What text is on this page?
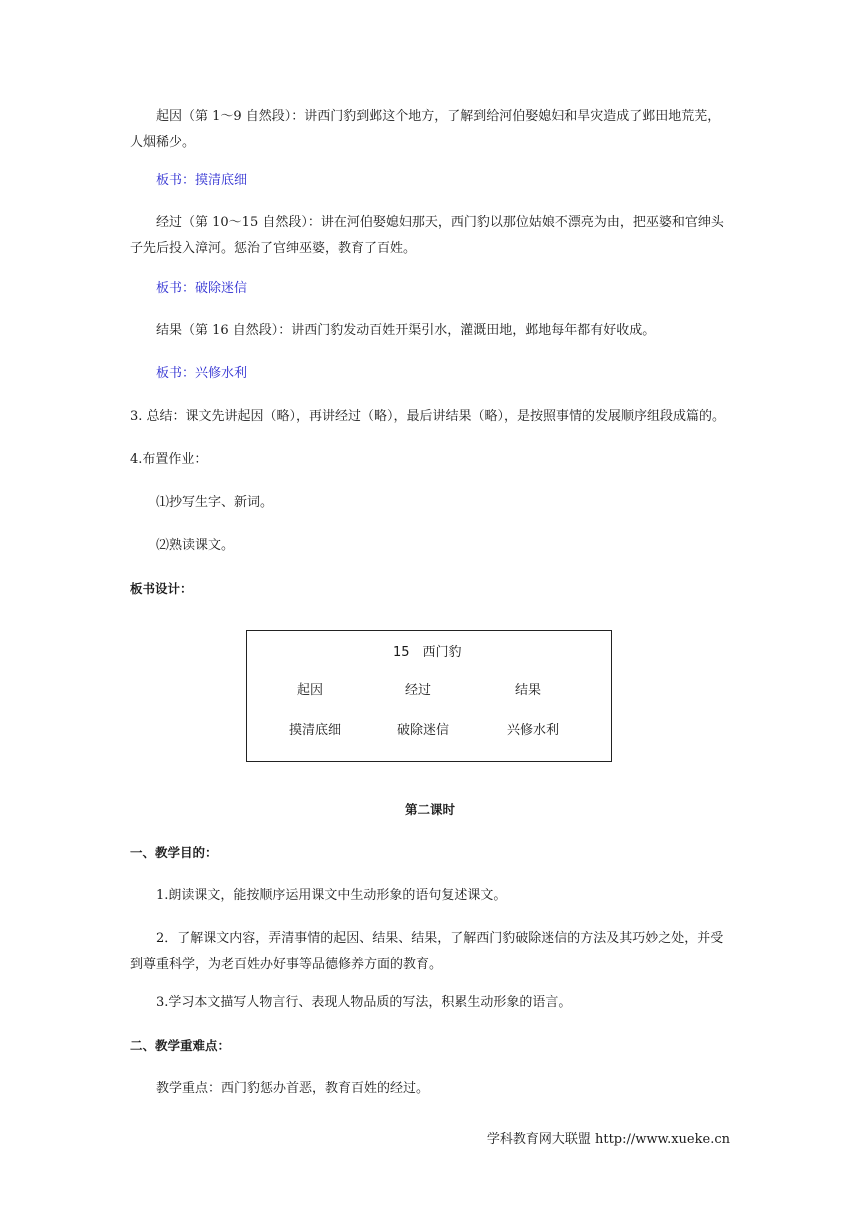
起因（第 1～9 自然段）：讲西门豹到邺这个地方，了解到给河伯娶媳妇和旱灾造成了邺田地荒芜，人烟稀少。

板书：摸清底细

经过（第 10～15 自然段）：讲在河伯娶媳妇那天，西门豹以那位姑娘不漂亮为由，把巫婆和官绅头子先后投入漳河。惩治了官绅巫婆，教育了百姓。

板书：破除迷信

结果（第 16 自然段）：讲西门豹发动百姓开渠引水，灌溉田地，邺地每年都有好收成。

板书：兴修水利

3. 总结：课文先讲起因（略），再讲经过（略），最后讲结果（略），是按照事情的发展顺序组段成篇的。

4.布置作业：

⑴抄写生字、新词。

⑵熟读课文。

板书设计：

15　西门豹
起因	经过	结果
摸清底细	破除迷信	兴修水利

第二课时

一、教学目的：

1.朗读课文，能按顺序运用课文中生动形象的语句复述课文。

2．了解课文内容，弄清事情的起因、结果、结果，了解西门豹破除迷信的方法及其巧妙之处，并受到尊重科学，为老百姓办好事等品德修养方面的教育。

3.学习本文描写人物言行、表现人物品质的写法，积累生动形象的语言。

二、教学重难点：

教学重点：西门豹惩办首恶，教育百姓的经过。

学科教育网大联盟 http://www.xueke.cn
